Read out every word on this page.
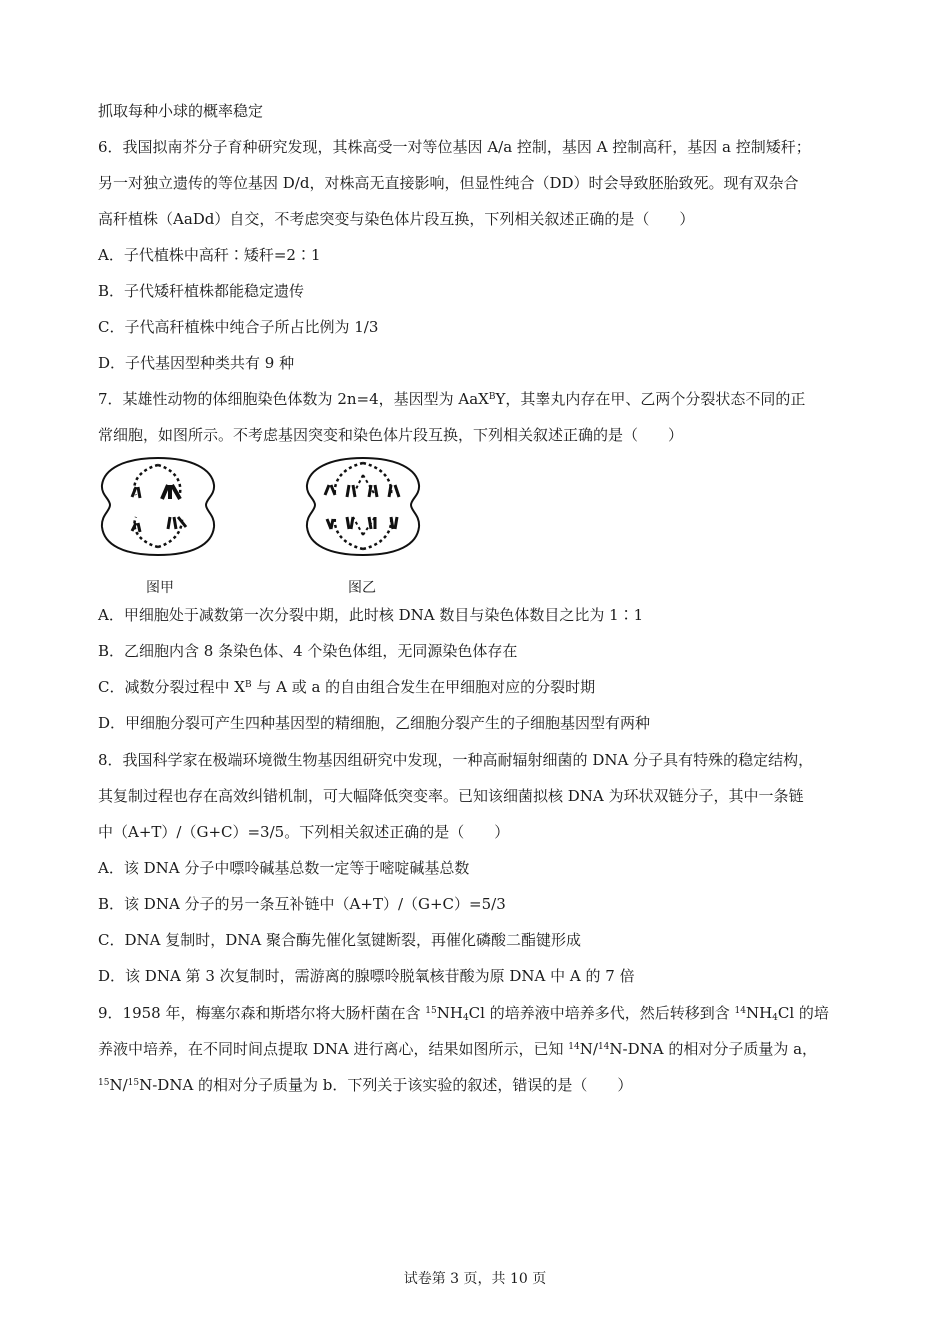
抓取每种小球的概率稳定
6．我国拟南芥分子育种研究发现，其株高受一对等位基因 A/a 控制，基因 A 控制高秆，基因 a 控制矮秆；
另一对独立遗传的等位基因 D/d，对株高无直接影响，但显性纯合（DD）时会导致胚胎致死。现有双杂合
高秆植株（AaDd）自交，不考虑突变与染色体片段互换，下列相关叙述正确的是（　　）
A．子代植株中高秆∶矮秆=2∶1
B．子代矮秆植株都能稳定遗传
C．子代高秆植株中纯合子所占比例为 1/3
D．子代基因型种类共有 9 种
7．某雄性动物的体细胞染色体数为 2n=4，基因型为 AaX$^B$Y，其睾丸内存在甲、乙两个分裂状态不同的正
常细胞，如图所示。不考虑基因突变和染色体片段互换，下列相关叙述正确的是（　　）
图甲	图乙
A．甲细胞处于减数第一次分裂中期，此时核 DNA 数目与染色体数目之比为 1∶1
B．乙细胞内含 8 条染色体、4 个染色体组，无同源染色体存在
C．减数分裂过程中 $X^B$ 与 A 或 a 的自由组合发生在甲细胞对应的分裂时期
D．甲细胞分裂可产生四种基因型的精细胞，乙细胞分裂产生的子细胞基因型有两种
8．我国科学家在极端环境微生物基因组研究中发现，一种高耐辐射细菌的 DNA 分子具有特殊的稳定结构，
其复制过程也存在高效纠错机制，可大幅降低突变率。已知该细菌拟核 DNA 为环状双链分子，其中一条链
中（A+T）/（G+C）=3/5。下列相关叙述正确的是（　　）
A．该 DNA 分子中嘌呤碱基总数一定等于嘧啶碱基总数
B．该 DNA 分子的另一条互补链中（A+T）/（G+C）=5/3
C．DNA 复制时，DNA 聚合酶先催化氢键断裂，再催化磷酸二酯键形成
D．该 DNA 第 3 次复制时，需游离的腺嘌呤脱氧核苷酸为原 DNA 中 A 的 7 倍
9．1958 年，梅塞尔森和斯塔尔将大肠杆菌在含 $^{15}NH_4Cl$ 的培养液中培养多代，然后转移到含 $^{14}NH_4Cl$ 的培
养液中培养，在不同时间点提取 DNA 进行离心，结果如图所示，已知 $^{14}$N/$^{14}$N-DNA 的相对分子质量为 a，
$^{15}$N/$^{15}$N-DNA 的相对分子质量为 b．下列关于该实验的叙述，错误的是（　　）
试卷第 3 页，共 10 页
